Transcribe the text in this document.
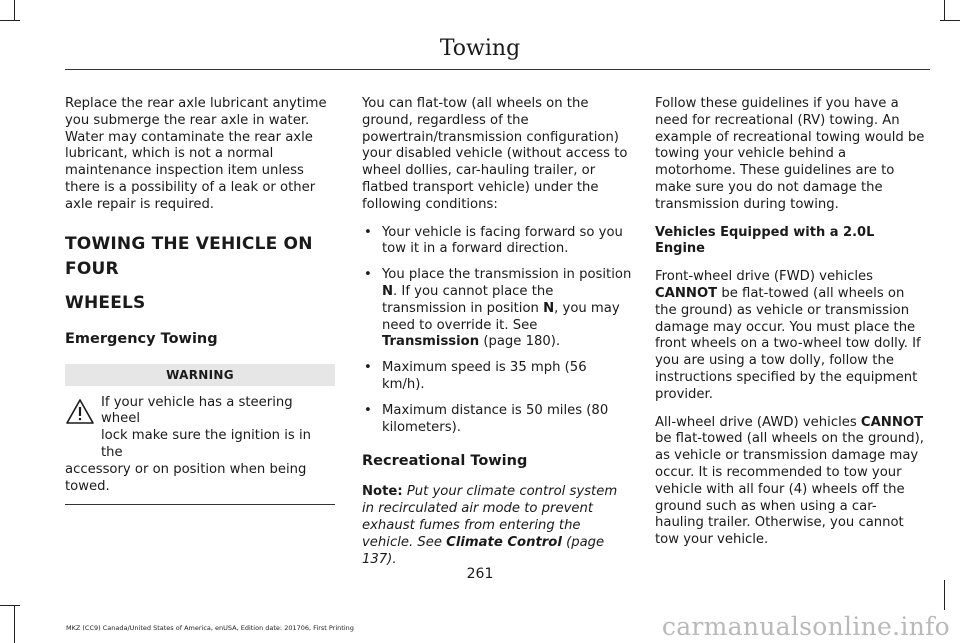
Towing

Replace the rear axle lubricant anytime you submerge the rear axle in water. Water may contaminate the rear axle lubricant, which is not a normal maintenance inspection item unless there is a possibility of a leak or other axle repair is required.

TOWING THE VEHICLE ON FOUR
WHEELS
Emergency Towing
WARNING
If your vehicle has a steering wheel
lock make sure the ignition is in the
accessory or on position when being towed.

You can flat-tow (all wheels on the ground, regardless of the powertrain/transmission configuration) your disabled vehicle (without access to wheel dollies, car-hauling trailer, or flatbed transport vehicle) under the following conditions:

• Your vehicle is facing forward so you tow it in a forward direction.
• You place the transmission in position N. If you cannot place the transmission in position N, you may need to override it. See Transmission (page 180).
• Maximum speed is 35 mph (56 km/h).
• Maximum distance is 50 miles (80 kilometers).
Recreational Towing

Note: Put your climate control system in recirculated air mode to prevent exhaust fumes from entering the vehicle. See Climate Control (page 137).

Follow these guidelines if you have a need for recreational (RV) towing. An example of recreational towing would be towing your vehicle behind a motorhome. These guidelines are to make sure you do not damage the transmission during towing.

Vehicles Equipped with a 2.0L Engine

Front-wheel drive (FWD) vehicles CANNOT be flat-towed (all wheels on the ground) as vehicle or transmission damage may occur. You must place the front wheels on a two-wheel tow dolly. If you are using a tow dolly, follow the instructions specified by the equipment provider.

All-wheel drive (AWD) vehicles CANNOT be flat-towed (all wheels on the ground), as vehicle or transmission damage may occur. It is recommended to tow your vehicle with all four (4) wheels off the ground such as when using a car-hauling trailer. Otherwise, you cannot tow your vehicle.

261
MKZ (CC9) Canada/United States of America, enUSA, Edition date: 201706, First Printing	carmanualsonline.info
